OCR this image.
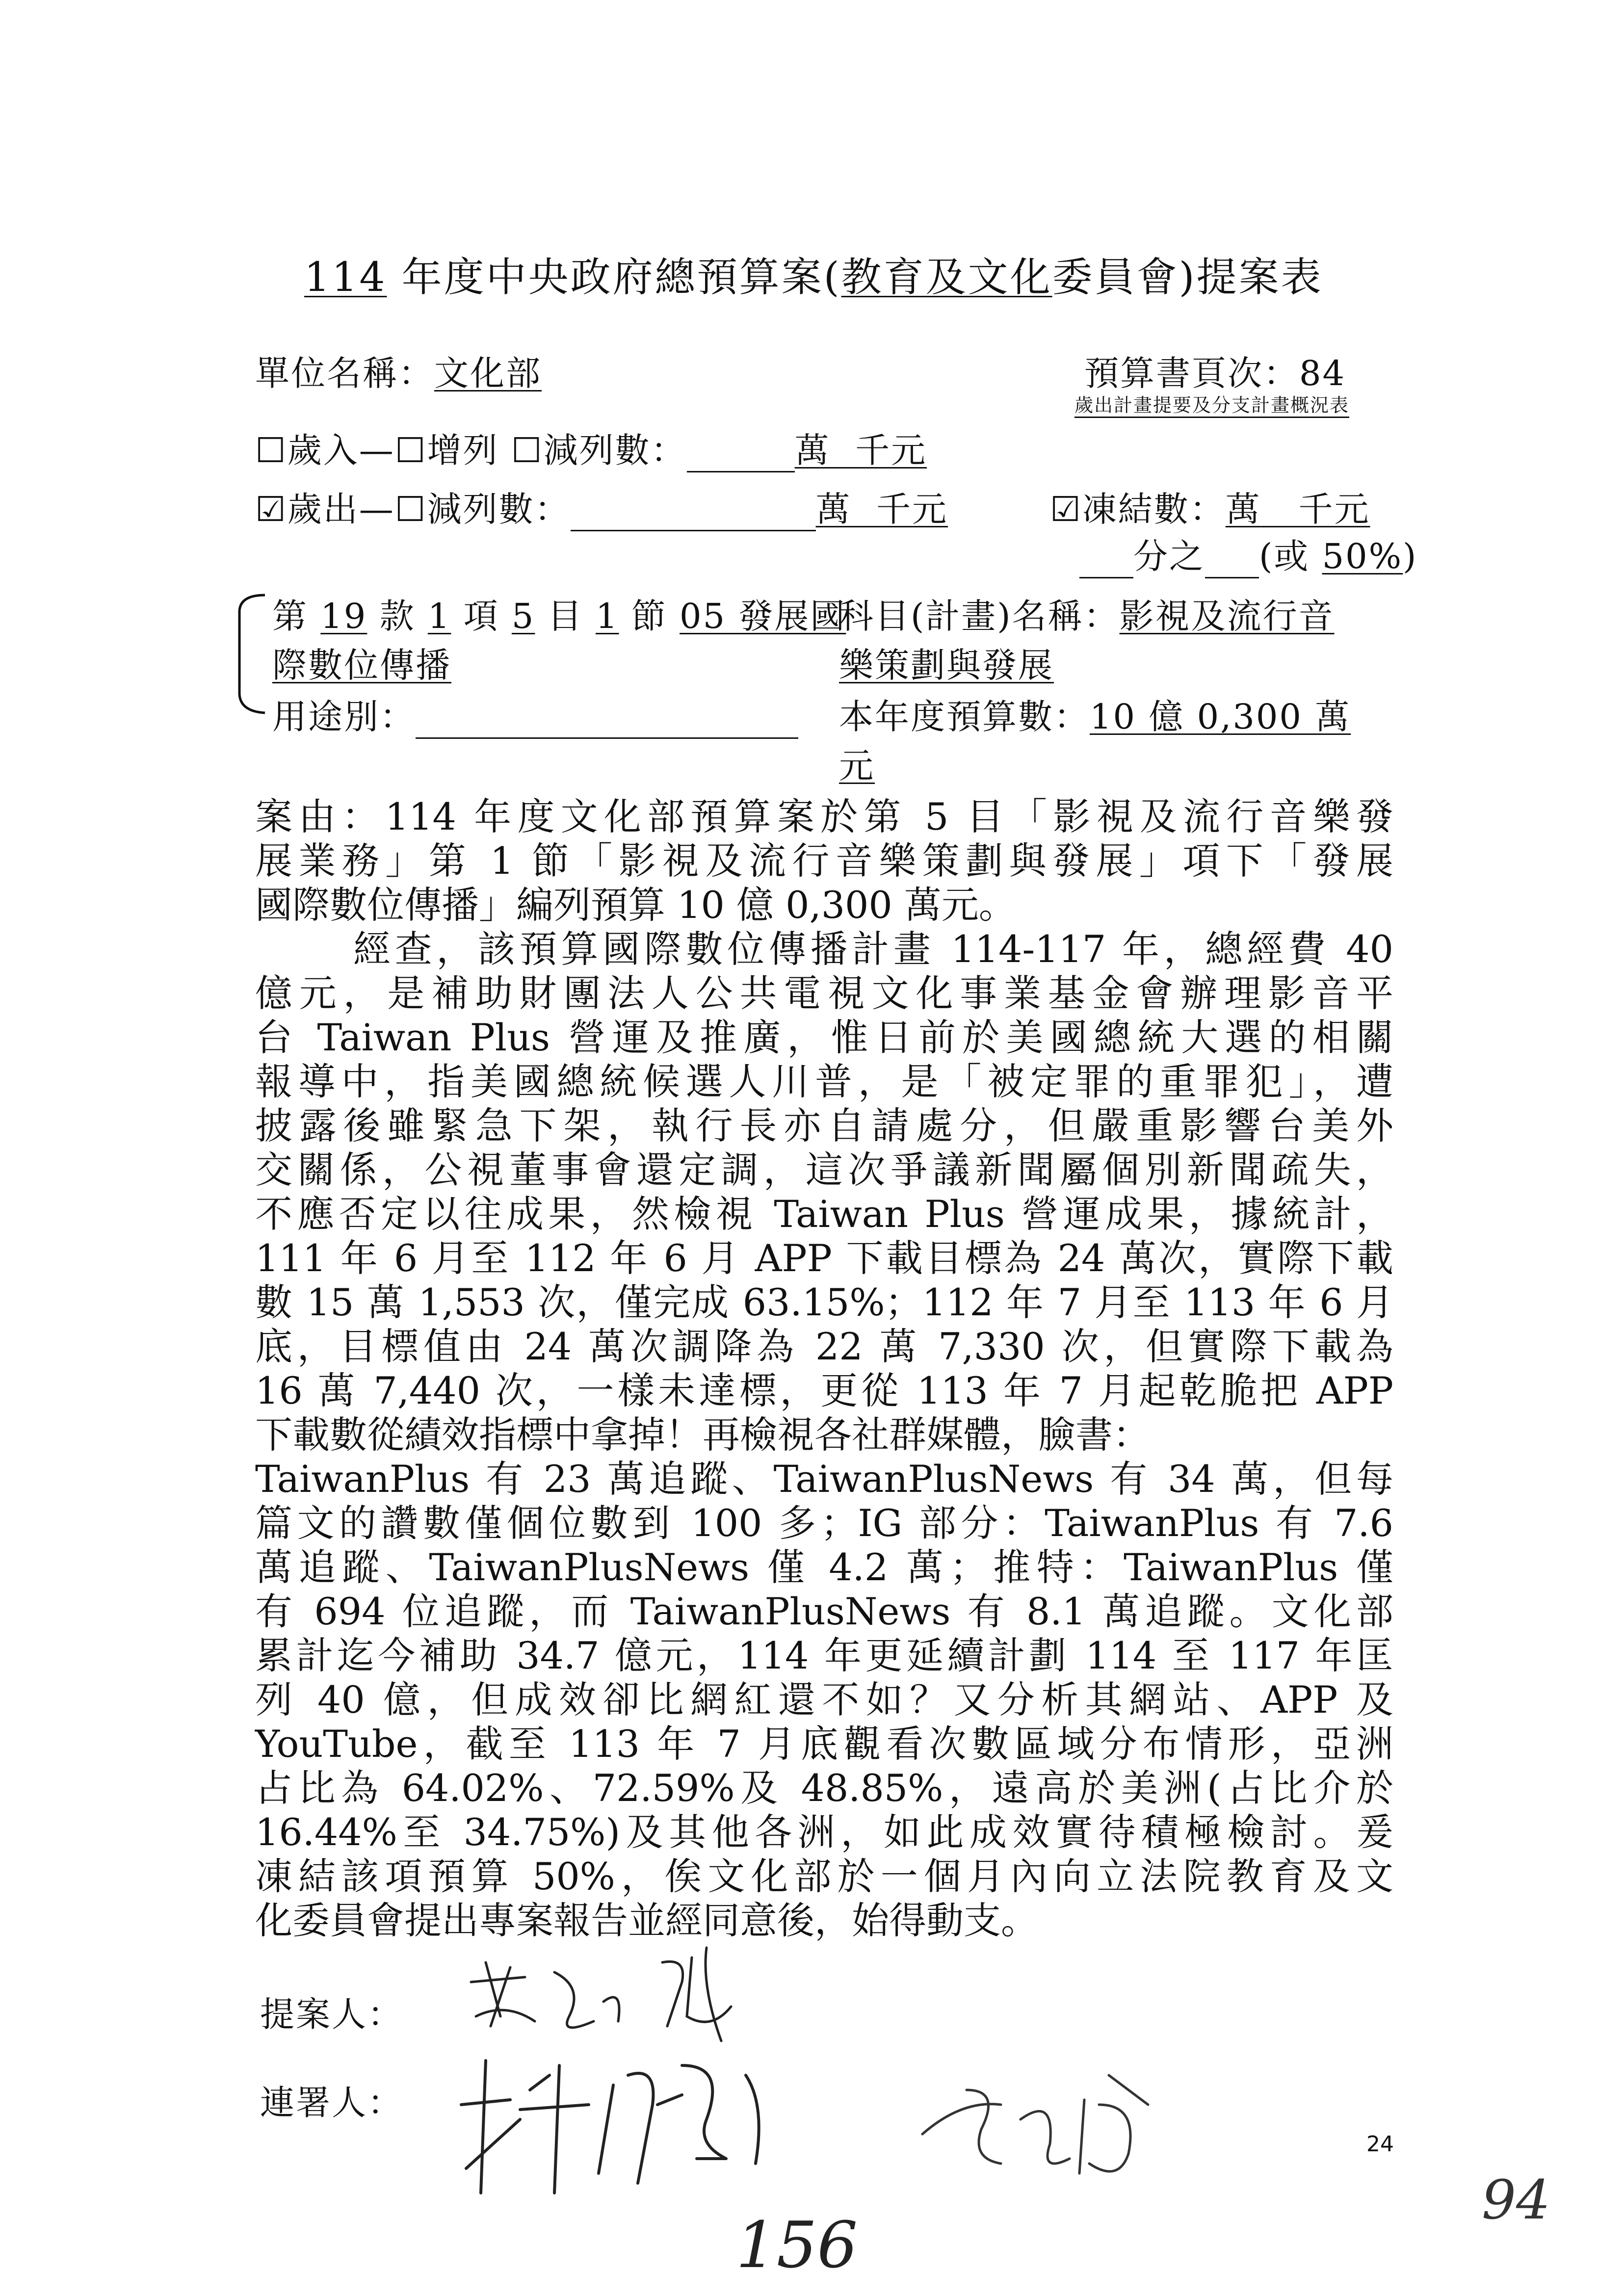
114 年度中央政府總預算案(教育及文化委員會)提案表
單位名稱：文化部	預算書頁次：84
歲出計畫提要及分支計畫概況表
☐歲入—☐增列 ☐減列數：	萬 千元
☑歲出—☐減列數：	萬 千元	☑凍結數：萬 千元
分之 (或 50%)
第 19 款 1 項 5 目 1 節 05 發展國
際數位傳播
科目(計畫)名稱：影視及流行音
樂策劃與發展
用途別：	本年度預算數：10 億 0,300 萬
元
案由：114 年度文化部預算案於第 5 目「影視及流行音樂發
展業務」第 1 節「影視及流行音樂策劃與發展」項下「發展
國際數位傳播」編列預算 10 億 0,300 萬元。
經查，該預算國際數位傳播計畫 114-117 年，總經費 40
億元，是補助財團法人公共電視文化事業基金會辦理影音平
台 Taiwan Plus 營運及推廣，惟日前於美國總統大選的相關
報導中，指美國總統候選人川普，是「被定罪的重罪犯」，遭
披露後雖緊急下架，執行長亦自請處分，但嚴重影響台美外
交關係，公視董事會還定調，這次爭議新聞屬個別新聞疏失，
不應否定以往成果，然檢視 Taiwan Plus 營運成果，據統計，
111 年 6 月至 112 年 6 月 APP 下載目標為 24 萬次，實際下載
數 15 萬 1,553 次，僅完成 63.15%；112 年 7 月至 113 年 6 月
底，目標值由 24 萬次調降為 22 萬 7,330 次，但實際下載為
16 萬 7,440 次，一樣未達標，更從 113 年 7 月起乾脆把 APP
下載數從績效指標中拿掉！再檢視各社群媒體，臉書：
TaiwanPlus 有 23 萬追蹤、TaiwanPlusNews 有 34 萬，但每
篇文的讚數僅個位數到 100 多；IG 部分：TaiwanPlus 有 7.6
萬追蹤、TaiwanPlusNews 僅 4.2 萬；推特：TaiwanPlus 僅
有 694 位追蹤，而 TaiwanPlusNews 有 8.1 萬追蹤。文化部
累計迄今補助 34.7 億元，114 年更延續計劃 114 至 117 年匡
列 40 億，但成效卻比網紅還不如？又分析其網站、APP 及
YouTube，截至 113 年 7 月底觀看次數區域分布情形，亞洲
占比為 64.02%、72.59%及 48.85%，遠高於美洲(占比介於
16.44%至 34.75%)及其他各洲，如此成效實待積極檢討。爰
凍結該項預算 50%，俟文化部於一個月內向立法院教育及文
化委員會提出專案報告並經同意後，始得動支。
提案人：
連署人：
24
94
156
